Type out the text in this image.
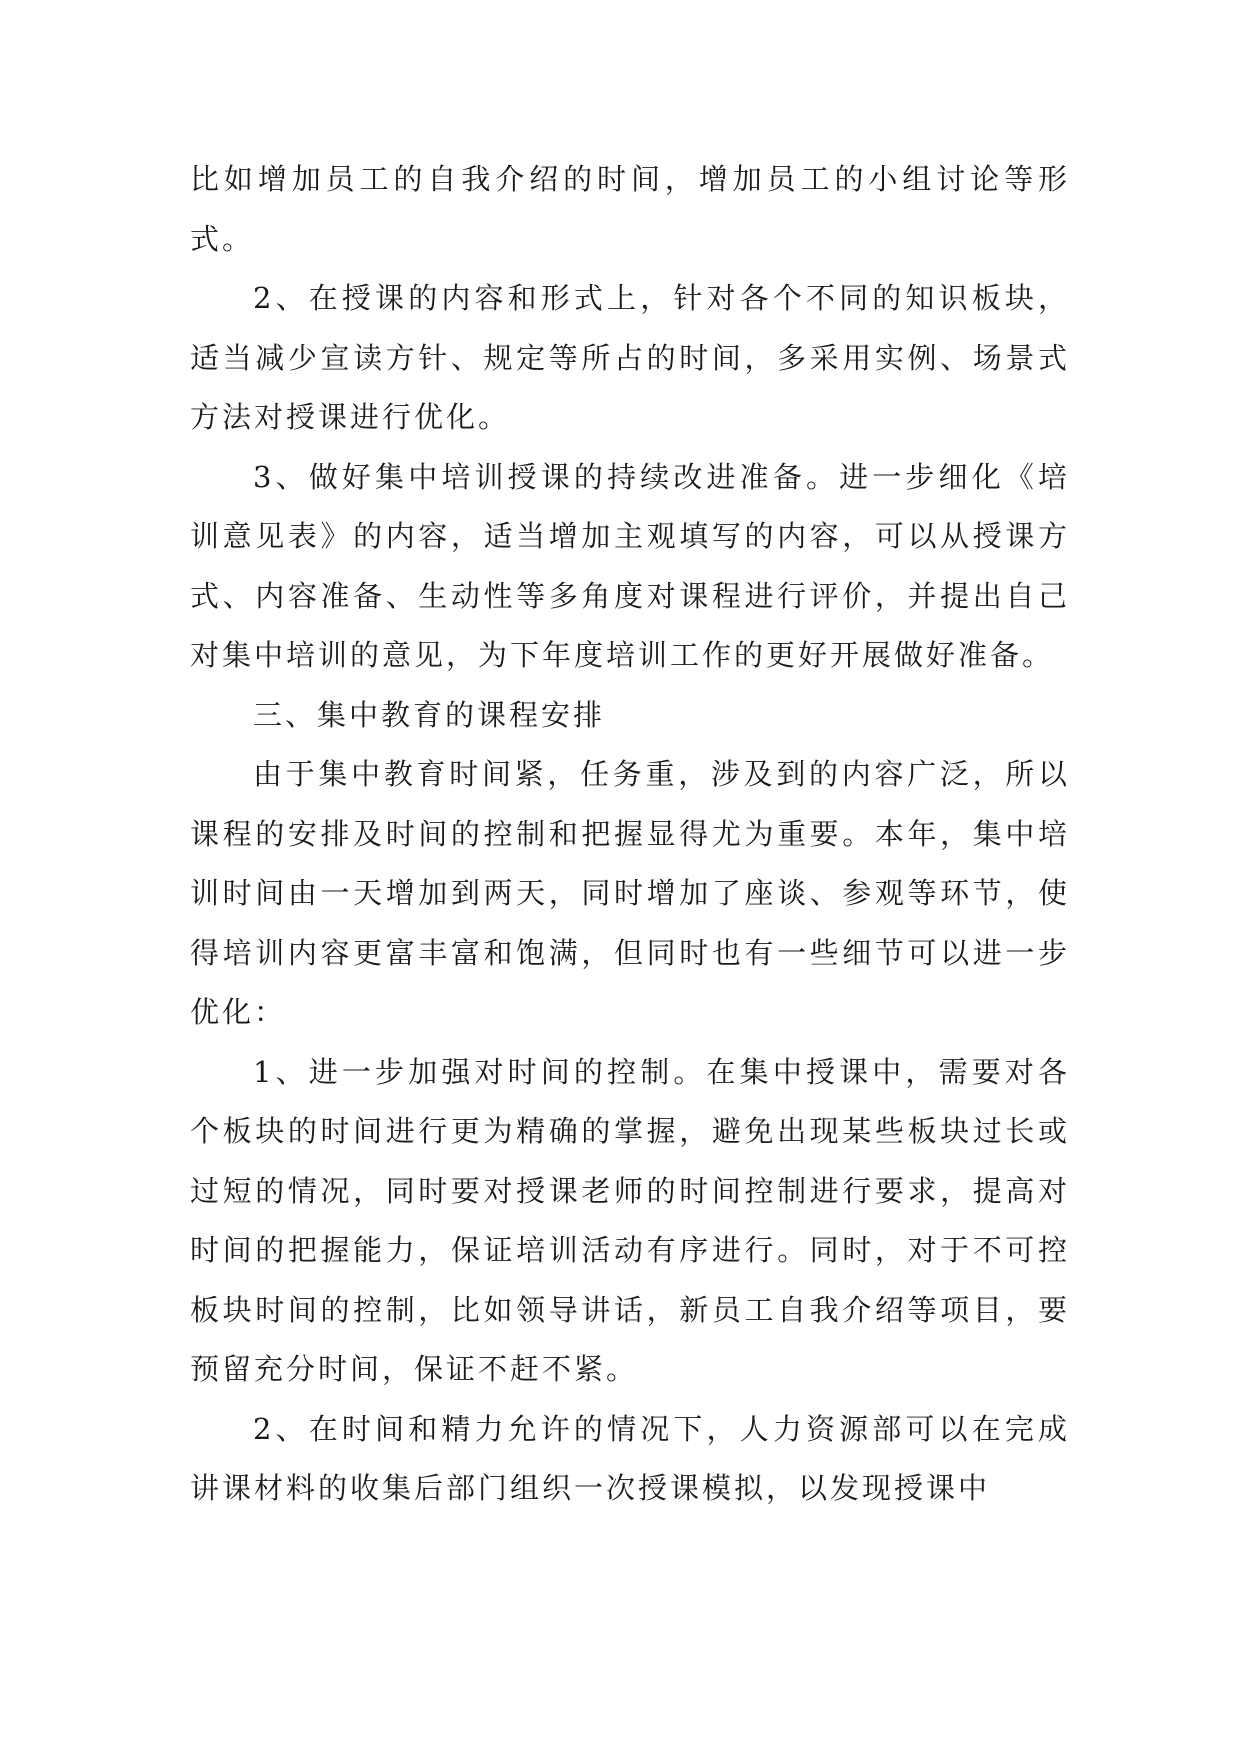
比如增加员工的自我介绍的时间，增加员工的小组讨论等形式。

2、在授课的内容和形式上，针对各个不同的知识板块，适当减少宣读方针、规定等所占的时间，多采用实例、场景式方法对授课进行优化。

3、做好集中培训授课的持续改进准备。进一步细化《培训意见表》的内容，适当增加主观填写的内容，可以从授课方式、内容准备、生动性等多角度对课程进行评价，并提出自己对集中培训的意见，为下年度培训工作的更好开展做好准备。

三、集中教育的课程安排

由于集中教育时间紧，任务重，涉及到的内容广泛，所以课程的安排及时间的控制和把握显得尤为重要。本年，集中培训时间由一天增加到两天，同时增加了座谈、参观等环节，使得培训内容更富丰富和饱满，但同时也有一些细节可以进一步优化：

1、进一步加强对时间的控制。在集中授课中，需要对各个板块的时间进行更为精确的掌握，避免出现某些板块过长或过短的情况，同时要对授课老师的时间控制进行要求，提高对时间的把握能力，保证培训活动有序进行。同时，对于不可控板块时间的控制，比如领导讲话，新员工自我介绍等项目，要预留充分时间，保证不赶不紧。

2、在时间和精力允许的情况下，人力资源部可以在完成讲课材料的收集后部门组织一次授课模拟，以发现授课中
